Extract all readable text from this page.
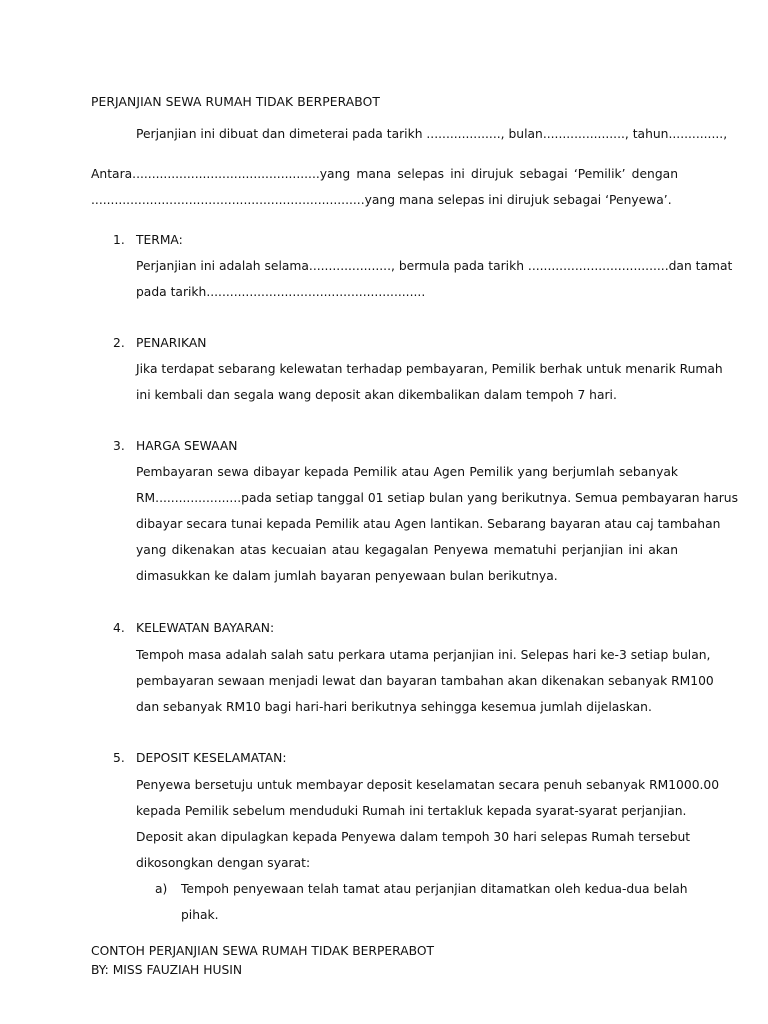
PERJANJIAN SEWA RUMAH TIDAK BERPERABOT
Perjanjian ini dibuat dan dimeterai pada tarikh ..................., bulan....................., tahun..............,
Antara................................................yang mana selepas ini dirujuk sebagai ‘Pemilik’ dengan
......................................................................yang mana selepas ini dirujuk sebagai ‘Penyewa’.
1. TERMA:
Perjanjian ini adalah selama....................., bermula pada tarikh ....................................dan tamat
pada tarikh........................................................
2. PENARIKAN
Jika terdapat sebarang kelewatan terhadap pembayaran, Pemilik berhak untuk menarik Rumah
ini kembali dan segala wang deposit akan dikembalikan dalam tempoh 7 hari.
3. HARGA SEWAAN
Pembayaran sewa dibayar kepada Pemilik atau Agen Pemilik yang berjumlah sebanyak
RM......................pada setiap tanggal 01 setiap bulan yang berikutnya. Semua pembayaran harus
dibayar secara tunai kepada Pemilik atau Agen lantikan. Sebarang bayaran atau caj tambahan
yang dikenakan atas kecuaian atau kegagalan Penyewa mematuhi perjanjian ini akan
dimasukkan ke dalam jumlah bayaran penyewaan bulan berikutnya.
4. KELEWATAN BAYARAN:
Tempoh masa adalah salah satu perkara utama perjanjian ini. Selepas hari ke-3 setiap bulan,
pembayaran sewaan menjadi lewat dan bayaran tambahan akan dikenakan sebanyak RM100
dan sebanyak RM10 bagi hari-hari berikutnya sehingga kesemua jumlah dijelaskan.
5. DEPOSIT KESELAMATAN:
Penyewa bersetuju untuk membayar deposit keselamatan secara penuh sebanyak RM1000.00
kepada Pemilik sebelum menduduki Rumah ini tertakluk kepada syarat-syarat perjanjian.
Deposit akan dipulagkan kepada Penyewa dalam tempoh 30 hari selepas Rumah tersebut
dikosongkan dengan syarat:
a) Tempoh penyewaan telah tamat atau perjanjian ditamatkan oleh kedua-dua belah
pihak.
CONTOH PERJANJIAN SEWA RUMAH TIDAK BERPERABOT
BY: MISS FAUZIAH HUSIN
